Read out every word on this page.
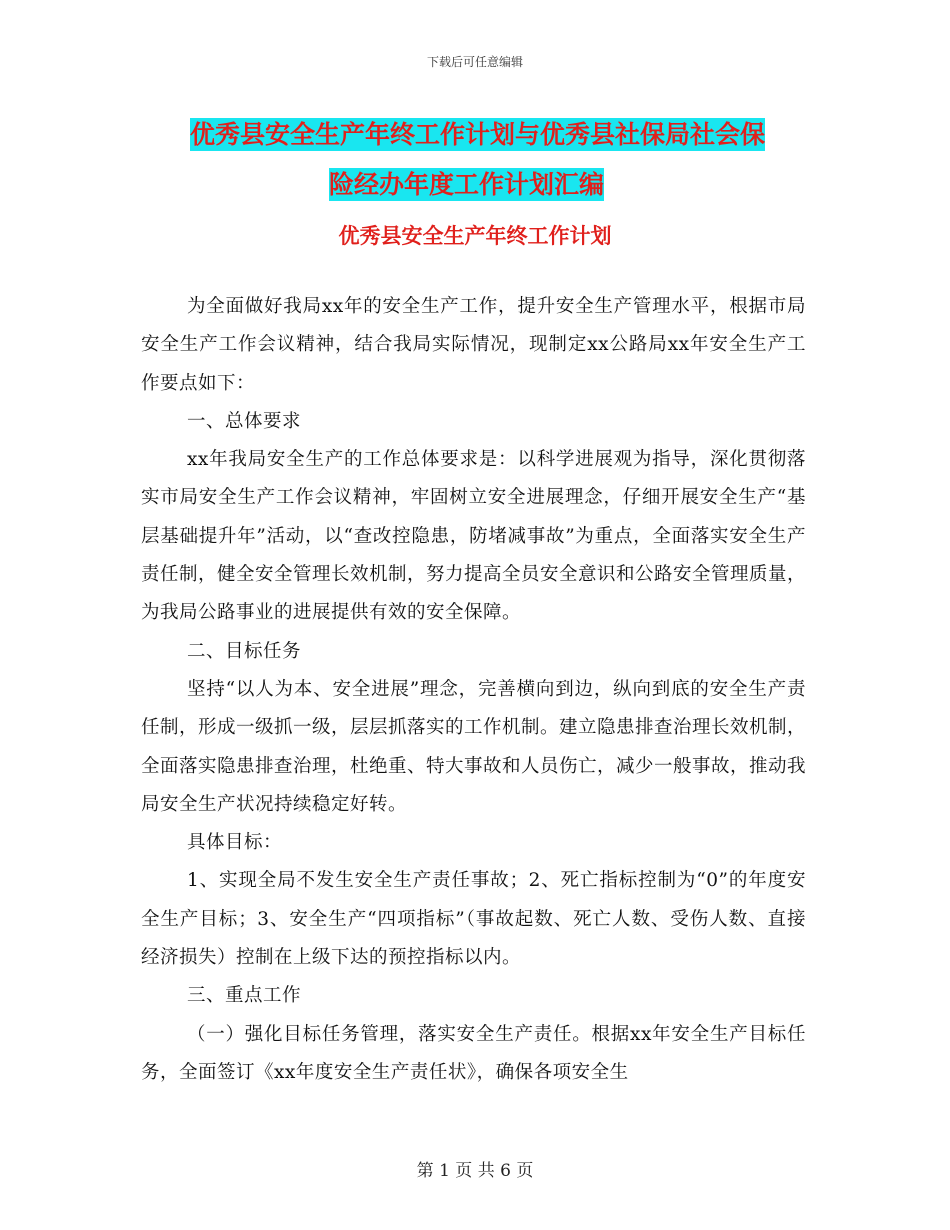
下载后可任意编辑
优秀县安全生产年终工作计划与优秀县社保局社会保
险经办年度工作计划汇编
优秀县安全生产年终工作计划

为全面做好我局xx年的安全生产工作，提升安全生产管理水平，根据市局安全生产工作会议精神，结合我局实际情况，现制定xx公路局xx年安全生产工作要点如下：

一、总体要求

xx年我局安全生产的工作总体要求是：以科学进展观为指导，深化贯彻落实市局安全生产工作会议精神，牢固树立安全进展理念，仔细开展安全生产“基层基础提升年”活动，以“查改控隐患，防堵减事故”为重点，全面落实安全生产责任制，健全安全管理长效机制，努力提高全员安全意识和公路安全管理质量，为我局公路事业的进展提供有效的安全保障。

二、目标任务

坚持“以人为本、安全进展”理念，完善横向到边，纵向到底的安全生产责任制，形成一级抓一级，层层抓落实的工作机制。建立隐患排查治理长效机制，全面落实隐患排查治理，杜绝重、特大事故和人员伤亡，减少一般事故，推动我局安全生产状况持续稳定好转。

具体目标：

1、实现全局不发生安全生产责任事故；2、死亡指标控制为“0”的年度安全生产目标；3、安全生产“四项指标”（事故起数、死亡人数、受伤人数、直接经济损失）控制在上级下达的预控指标以内。

三、重点工作

（一）强化目标任务管理，落实安全生产责任。根据xx年安全生产目标任务，全面签订《xx年度安全生产责任状》，确保各项安全生

第 1 页 共 6 页
